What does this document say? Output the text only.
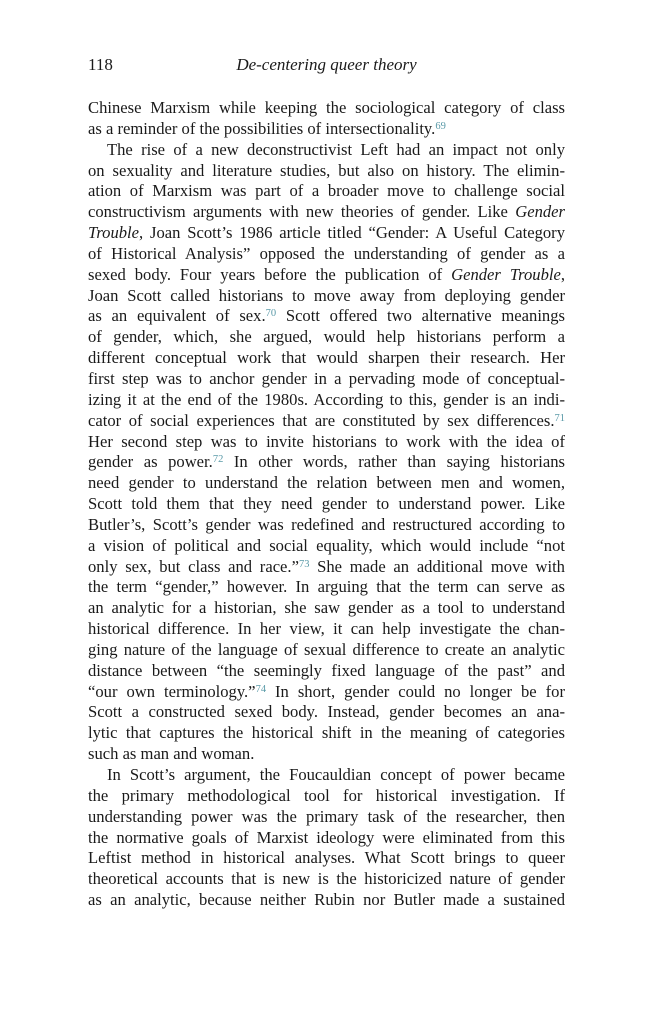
118	De-centering queer theory
Chinese Marxism while keeping the sociological category of class
as a reminder of the possibilities of intersectionality.$^{69}$
The rise of a new deconstructivist Left had an impact not only
on sexuality and literature studies, but also on history. The elimin-
ation of Marxism was part of a broader move to challenge social
constructivism arguments with new theories of gender. Like Gender
Trouble, Joan Scott’s 1986 article titled “Gender: A Useful Category
of Historical Analysis” opposed the understanding of gender as a
sexed body. Four years before the publication of Gender Trouble,
Joan Scott called historians to move away from deploying gender
as an equivalent of sex.$^{70}$ Scott offered two alternative meanings
of gender, which, she argued, would help historians perform a
different conceptual work that would sharpen their research. Her
first step was to anchor gender in a pervading mode of conceptual-
izing it at the end of the 1980s. According to this, gender is an indi-
cator of social experiences that are constituted by sex differences.$^{71}$
Her second step was to invite historians to work with the idea of
gender as power.$^{72}$ In other words, rather than saying historians
need gender to understand the relation between men and women,
Scott told them that they need gender to understand power. Like
Butler’s, Scott’s gender was redefined and restructured according to
a vision of political and social equality, which would include “not
only sex, but class and race.”$^{73}$ She made an additional move with
the term “gender,” however. In arguing that the term can serve as
an analytic for a historian, she saw gender as a tool to understand
historical difference. In her view, it can help investigate the chan-
ging nature of the language of sexual difference to create an analytic
distance between “the seemingly fixed language of the past” and
“our own terminology.”$^{74}$ In short, gender could no longer be for
Scott a constructed sexed body. Instead, gender becomes an ana-
lytic that captures the historical shift in the meaning of categories
such as man and woman.
In Scott’s argument, the Foucauldian concept of power became
the primary methodological tool for historical investigation. If
understanding power was the primary task of the researcher, then
the normative goals of Marxist ideology were eliminated from this
Leftist method in historical analyses. What Scott brings to queer
theoretical accounts that is new is the historicized nature of gender
as an analytic, because neither Rubin nor Butler made a sustained
